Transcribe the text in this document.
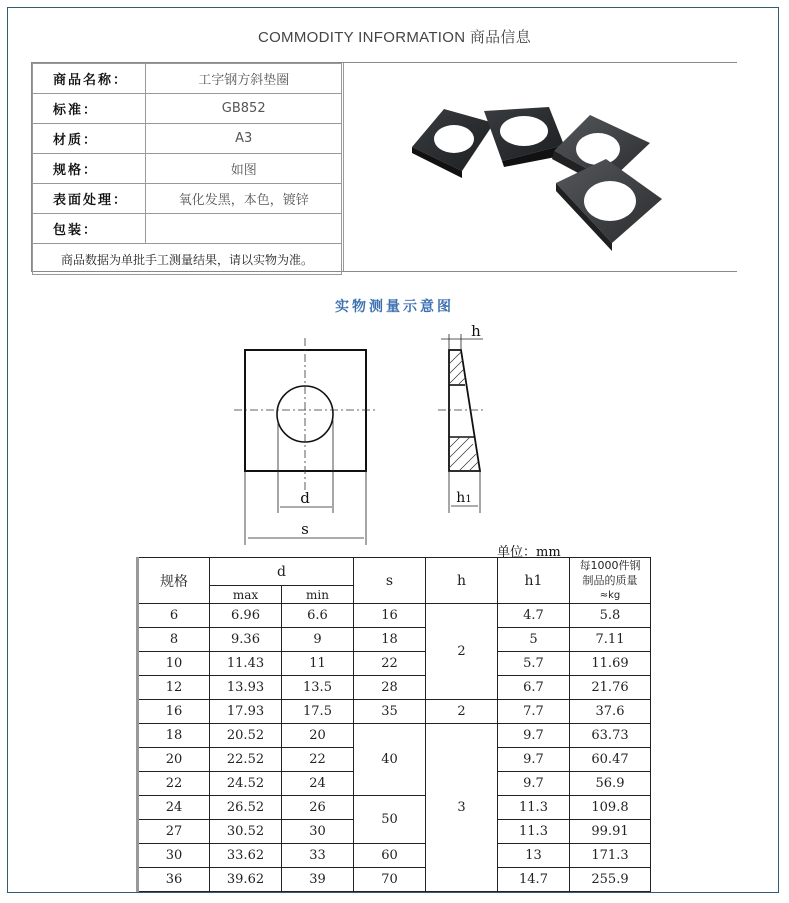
COMMODITY INFORMATION 商品信息
商品名称：	工字钢方斜垫圈
标准：	GB852
材质：	A3
规格：	如图
表面处理：	氧化发黑，本色，镀锌
包装：	
商品数据为单批手工测量结果，请以实物为准。	
实物测量示意图
d
s
h
h1
单位：mm
规格	d		s	h	h1	每1000件钢
制品的质量
≈kg

	max	min				
6	6.96	6.6	16	2	4.7	5.8
8	9.36	9	18		5	7.11
10	11.43	11	22		5.7	11.69
12	13.93	13.5	28		6.7	21.76
16	17.93	17.5	35	2	7.7	37.6
18	20.52	20	40	3	9.7	63.73
20	22.52	22			9.7	60.47
22	24.52	24			9.7	56.9
24	26.52	26	50		11.3	109.8
27	30.52	30			11.3	99.91
30	33.62	33	60		13	171.3
36	39.62	39	70		14.7	255.9
